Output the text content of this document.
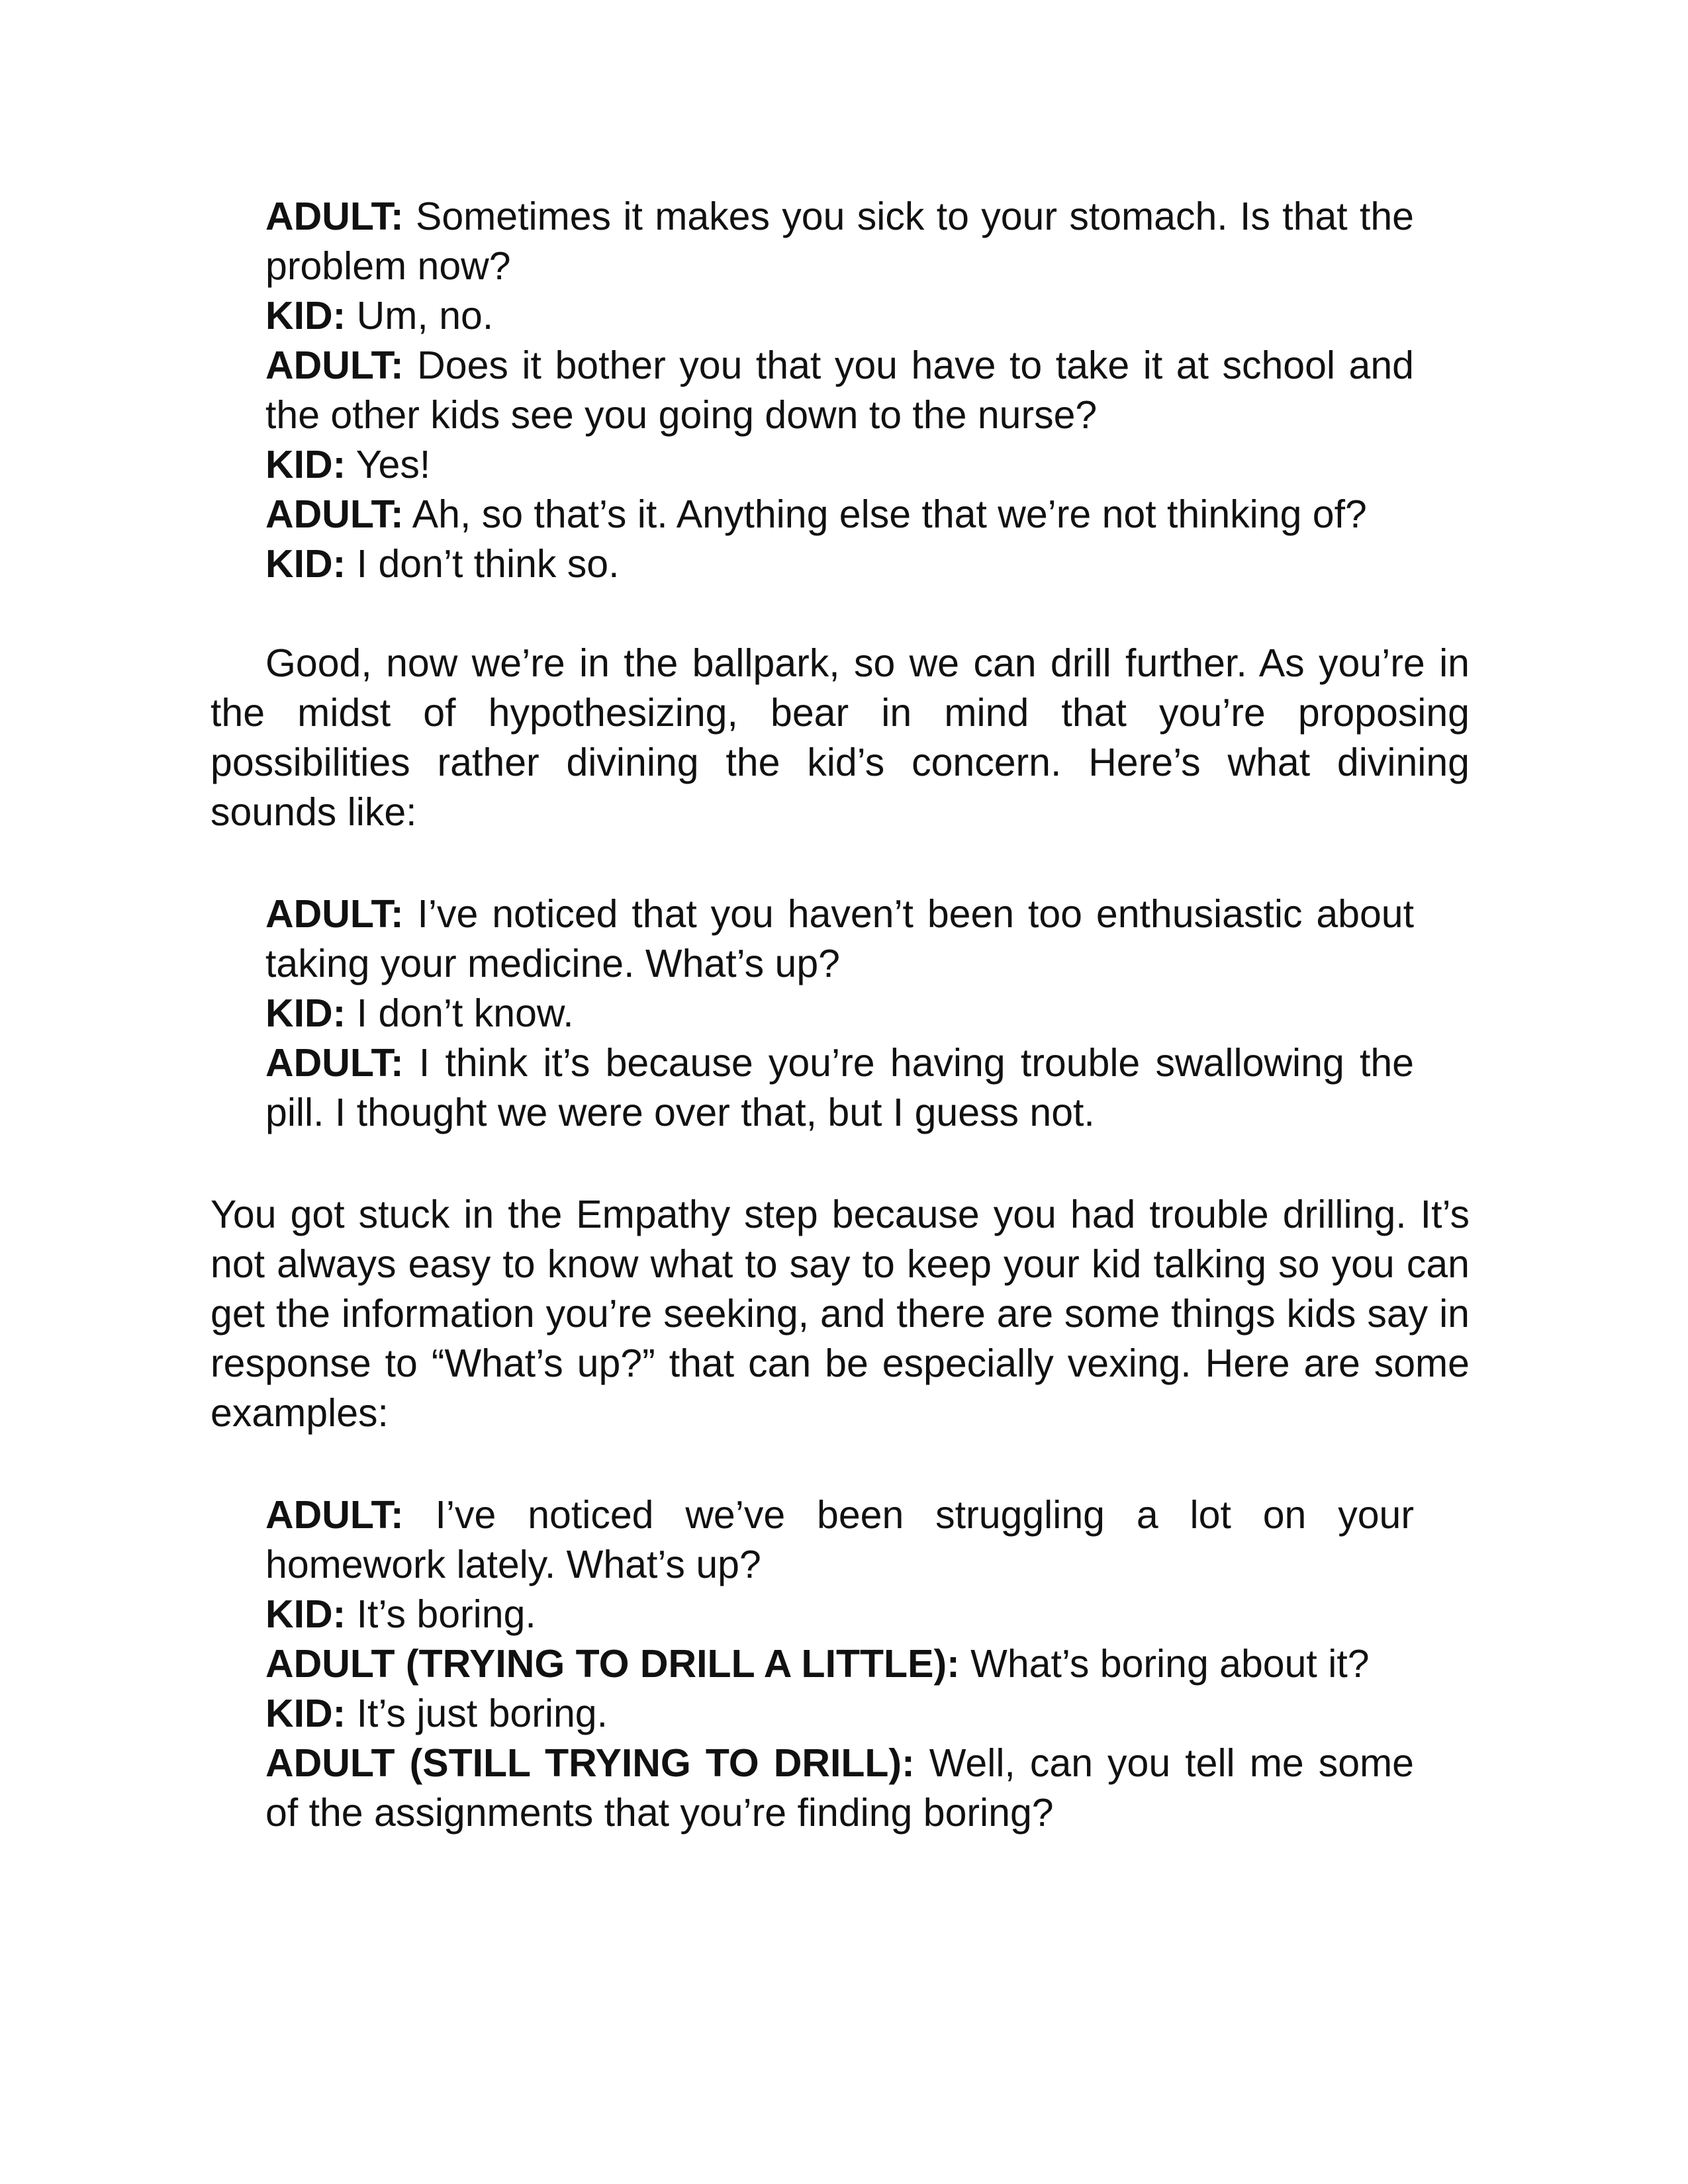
ADULT: Sometimes it makes you sick to your stomach. Is that the problem now?

KID: Um, no.

ADULT: Does it bother you that you have to take it at school and the other kids see you going down to the nurse?

KID: Yes!

ADULT: Ah, so that’s it. Anything else that we’re not thinking of?

KID: I don’t think so.

Good, now we’re in the ballpark, so we can drill further. As you’re in the midst of hypothesizing, bear in mind that you’re proposing possibilities rather divining the kid’s concern. Here’s what divining sounds like:

ADULT: I’ve noticed that you haven’t been too enthusiastic about taking your medicine. What’s up?

KID: I don’t know.

ADULT: I think it’s because you’re having trouble swallowing the pill. I thought we were over that, but I guess not.

You got stuck in the Empathy step because you had trouble drilling. It’s not always easy to know what to say to keep your kid talking so you can get the information you’re seeking, and there are some things kids say in response to “What’s up?” that can be especially vexing. Here are some examples:

ADULT: I’ve noticed we’ve been struggling a lot on your homework lately. What’s up?

KID: It’s boring.

ADULT (TRYING TO DRILL A LITTLE): What’s boring about it?

KID: It’s just boring.

ADULT (STILL TRYING TO DRILL): Well, can you tell me some of the assignments that you’re finding boring?
